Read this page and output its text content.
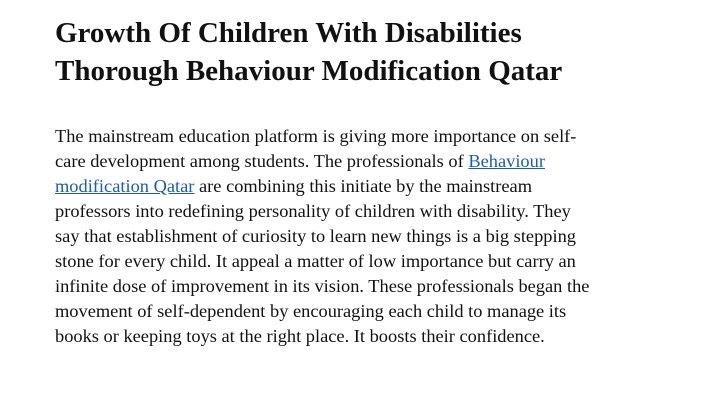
Growth Of Children With Disabilities
Thorough Behaviour Modification Qatar

The mainstream education platform is giving more importance on self-
care development among students. The professionals of Behaviour
modification Qatar are combining this initiate by the mainstream
professors into redefining personality of children with disability. They
say that establishment of curiosity to learn new things is a big stepping
stone for every child. It appeal a matter of low importance but carry an
infinite dose of improvement in its vision. These professionals began the
movement of self-dependent by encouraging each child to manage its
books or keeping toys at the right place. It boosts their confidence.
